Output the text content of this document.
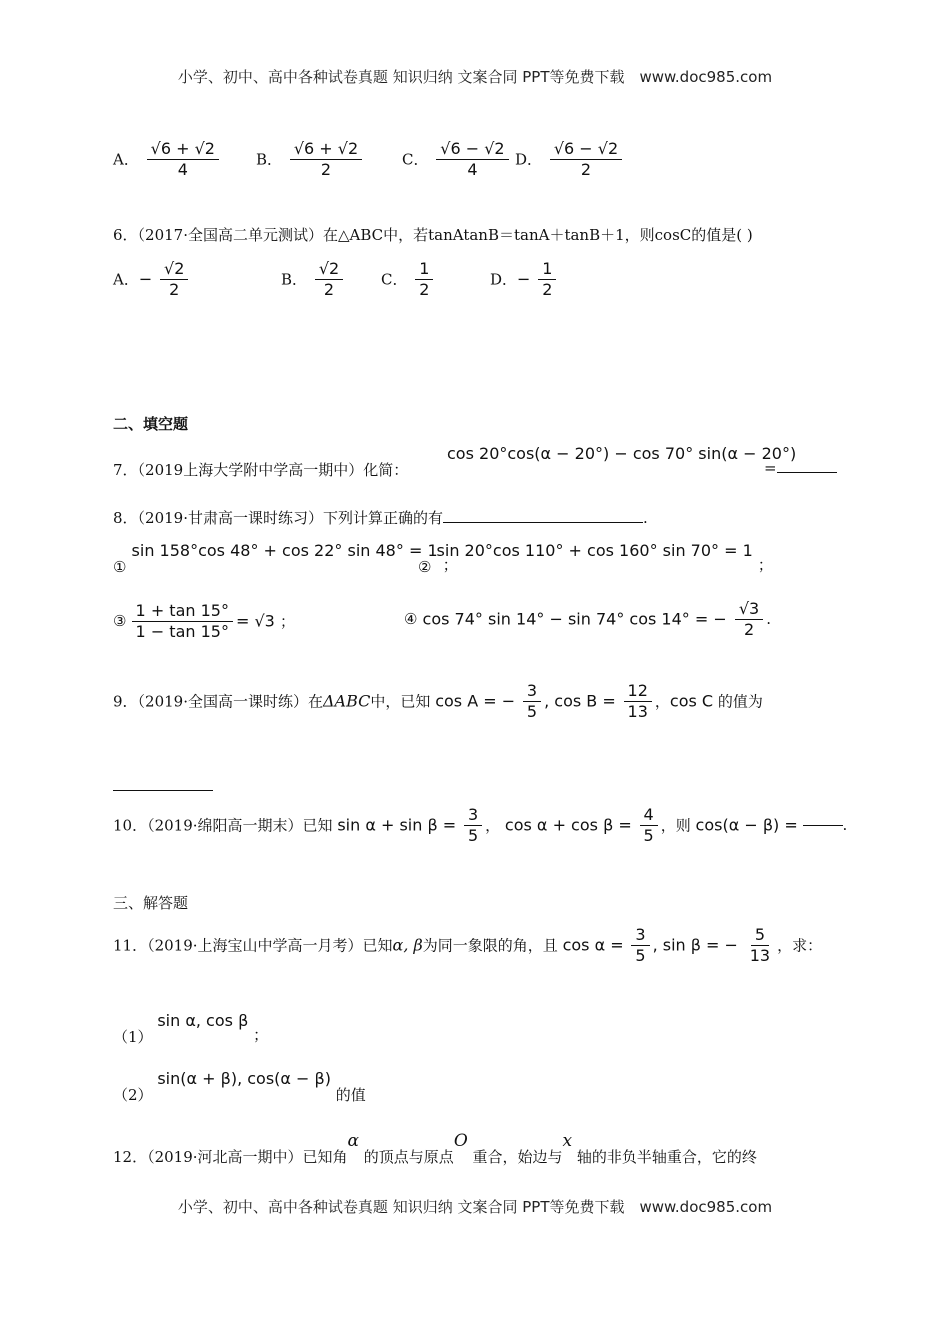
小学、初中、高中各种试卷真题 知识归纳 文案合同 PPT等免费下载　www.doc985.com
A． $\frac{√6 + √2}{4}$ B． $\frac{√6 + √2}{2}$	C． $\frac{√6 - √2}{4}$ D． $\frac{√6 - √2}{2}$
6．（2017·全国高二单元测试）在△ABC中，若tanAtanB＝tanA＋tanB＋1，则cosC的值是( )
A．− $\frac{√2}{2}$	B． $\frac{√2}{2}$	C． $\frac{1}{2}$	D．− $\frac{1}{2}$
二、填空题
7．（2019上海大学附中学高一期中）化简：
cos 20°cos(α − 20°) − cos 70° sin(α − 20°)
=
8．（2019·甘肃高一课时练习）下列计算正确的有	.
① sin 158°cos 48° + cos 22° sin 48° = 1 ；
② sin 20°cos 110° + cos 160° sin 70° = 1 ；
③ $\frac{1 + \tan 15^\circ}{1 - \tan 15^\circ} = √3$ ；	④ cos 74° sin 14° − sin 74° cos 14° = − $\frac{√3}{2}$ .
9．（2019·全国高一课时练）在ΔABC中，已知 cos A = − $\frac{3}{5}$ , $\cos B = \frac{12}{13}$ ，cos C 的值为
10．（2019·绵阳高一期末）已知 $\sin \alpha + \sin \beta = \frac{3}{5}$ ， $\cos \alpha + \cos \beta = \frac{4}{5}$ ，则 cos(α − β) =	.
三、解答题
11．（2019·上海宝山中学高一月考）已知α, β为同一象限的角，且 $\cos \alpha = \frac{3}{5}$ , sin β = − $\frac{5}{13}$ ，求：
（1） sin α, cos β ；
（2） sin(α + β), cos(α − β) 的值
12．（2019·河北高一期中）已知角α 的顶点与原点O 重合，始边与x 轴的非负半轴重合，它的终
小学、初中、高中各种试卷真题 知识归纳 文案合同 PPT等免费下载　www.doc985.com
